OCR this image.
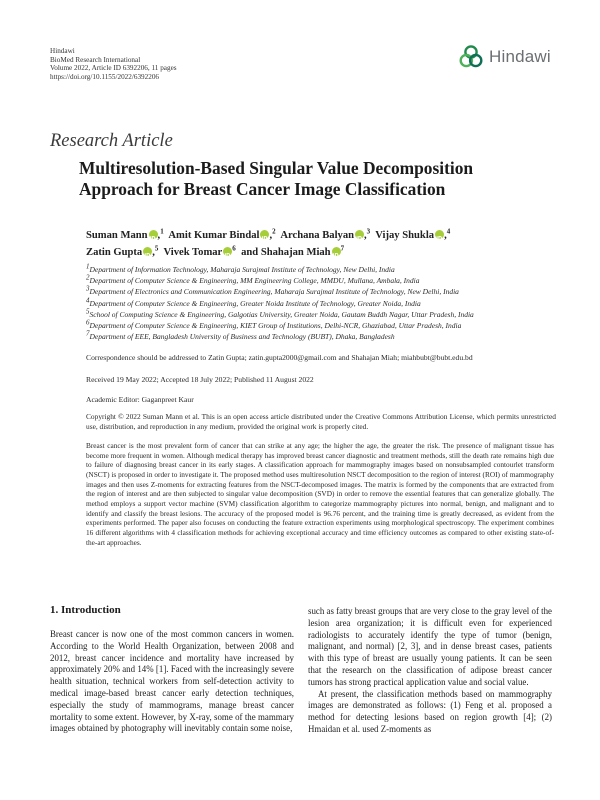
Hindawi
BioMed Research International
Volume 2022, Article ID 6392206, 11 pages
https://doi.org/10.1155/2022/6392206
Hindawi
Research Article
Multiresolution-Based Singular Value Decomposition
Approach for Breast Cancer Image Classification
Suman Mann iD ,$^1$ Amit Kumar Bindal iD ,$^2$ Archana Balyan iD ,$^3$ Vijay Shukla iD ,$^4$
Zatin Gupta iD ,$^5$ Vivek Tomar iD $^6$ and Shahajan Miah iD $^7$
$^1$Department of Information Technology, Maharaja Surajmal Institute of Technology, New Delhi, India
$^2$Department of Computer Science & Engineering, MM Engineering College, MMDU, Mullana, Ambala, India
$^3$Department of Electronics and Communication Engineering, Maharaja Surajmal Institute of Technology, New Delhi, India
$^4$Department of Computer Science & Engineering, Greater Noida Institute of Technology, Greater Noida, India
$^5$School of Computing Science & Engineering, Galgotias University, Greater Noida, Gautam Buddh Nagar, Uttar Pradesh, India
$^6$Department of Computer Science & Engineering, KIET Group of Institutions, Delhi-NCR, Ghaziabad, Uttar Pradesh, India
$^7$Department of EEE, Bangladesh University of Business and Technology (BUBT), Dhaka, Bangladesh
Correspondence should be addressed to Zatin Gupta; zatin.gupta2000@gmail.com and Shahajan Miah; miahbubt@bubt.edu.bd
Received 19 May 2022; Accepted 18 July 2022; Published 11 August 2022
Academic Editor: Gaganpreet Kaur
Copyright © 2022 Suman Mann et al. This is an open access article distributed under the Creative Commons Attribution License, which permits unrestricted use, distribution, and reproduction in any medium, provided the original work is properly cited.
Breast cancer is the most prevalent form of cancer that can strike at any age; the higher the age, the greater the risk. The presence of malignant tissue has become more frequent in women. Although medical therapy has improved breast cancer diagnostic and treatment methods, still the death rate remains high due to failure of diagnosing breast cancer in its early stages. A classification approach for mammography images based on nonsubsampled contourlet transform (NSCT) is proposed in order to investigate it. The proposed method uses multiresolution NSCT decomposition to the region of interest (ROI) of mammography images and then uses Z-moments for extracting features from the NSCT-decomposed images. The matrix is formed by the components that are extracted from the region of interest and are then subjected to singular value decomposition (SVD) in order to remove the essential features that can generalize globally. The method employs a support vector machine (SVM) classification algorithm to categorize mammography pictures into normal, benign, and malignant and to identify and classify the breast lesions. The accuracy of the proposed model is 96.76 percent, and the training time is greatly decreased, as evident from the experiments performed. The paper also focuses on conducting the feature extraction experiments using morphological spectroscopy. The experiment combines 16 different algorithms with 4 classification methods for achieving exceptional accuracy and time efficiency outcomes as compared to other existing state-of-the-art approaches.
1. Introduction

Breast cancer is now one of the most common cancers in women. According to the World Health Organization, between 2008 and 2012, breast cancer incidence and mortality have increased by approximately 20% and 14% [1]. Faced with the increasingly severe health situation, technical workers from self-detection activity to medical image-based breast cancer early detection techniques, especially the study of mammograms, manage breast cancer mortality to some extent. However, by X-ray, some of the mammary images obtained by photography will inevitably contain some noise,

such as fatty breast groups that are very close to the gray level of the lesion area organization; it is difficult even for experienced radiologists to accurately identify the type of tumor (benign, malignant, and normal) [2, 3], and in dense breast cases, patients with this type of breast are usually young patients. It can be seen that the research on the classification of adipose breast cancer tumors has strong practical application value and social value.

At present, the classification methods based on mammography images are demonstrated as follows: (1) Feng et al. proposed a method for detecting lesions based on region growth [4]; (2) Hmaidan et al. used Z-moments as
